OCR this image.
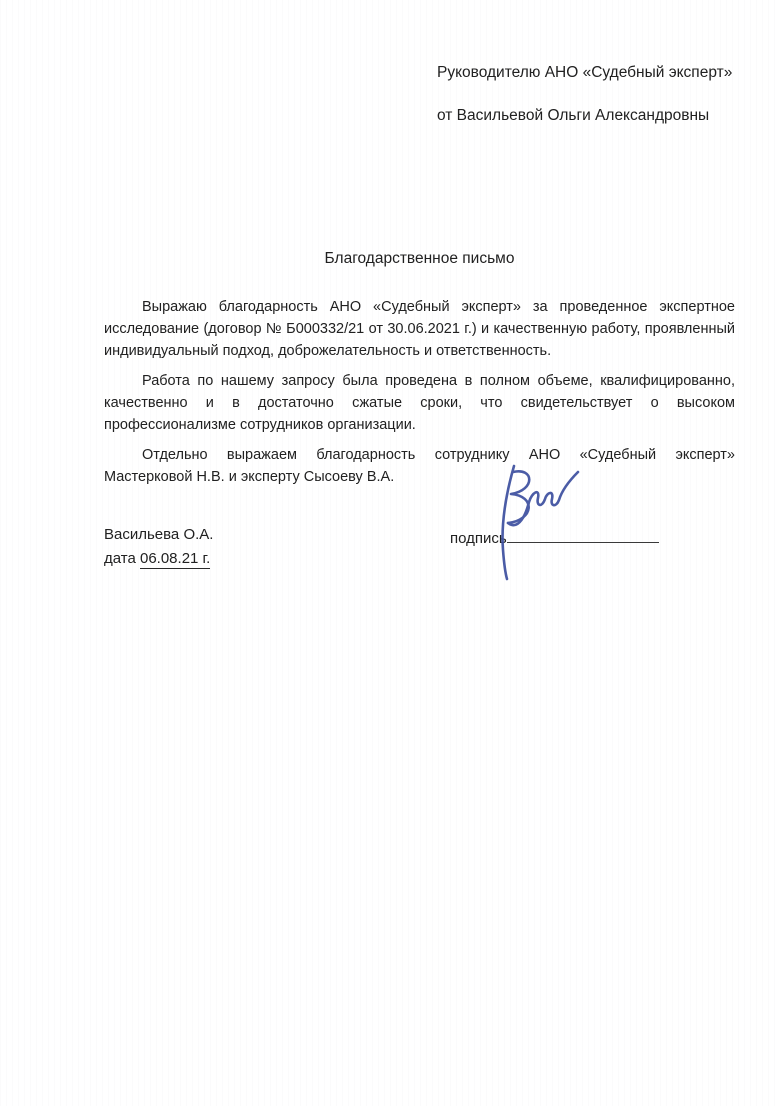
Руководителю АНО «Судебный эксперт»
от Васильевой Ольги Александровны
Благодарственное письмо

Выражаю благодарность АНО «Судебный эксперт» за проведенное экспертное исследование (договор № Б000332/21 от 30.06.2021 г.) и качественную работу, проявленный индивидуальный подход, доброжелательность и ответственность.

Работа по нашему запросу была проведена в полном объеме, квалифицированно, качественно и в достаточно сжатые сроки, что свидетельствует о высоком профессионализме сотрудников организации.

Отдельно выражаем благодарность сотруднику АНО «Судебный эксперт» Мастерковой Н.В. и эксперту Сысоеву В.А.

Васильева О.А.
дата 06.08.21 г.
подпись
